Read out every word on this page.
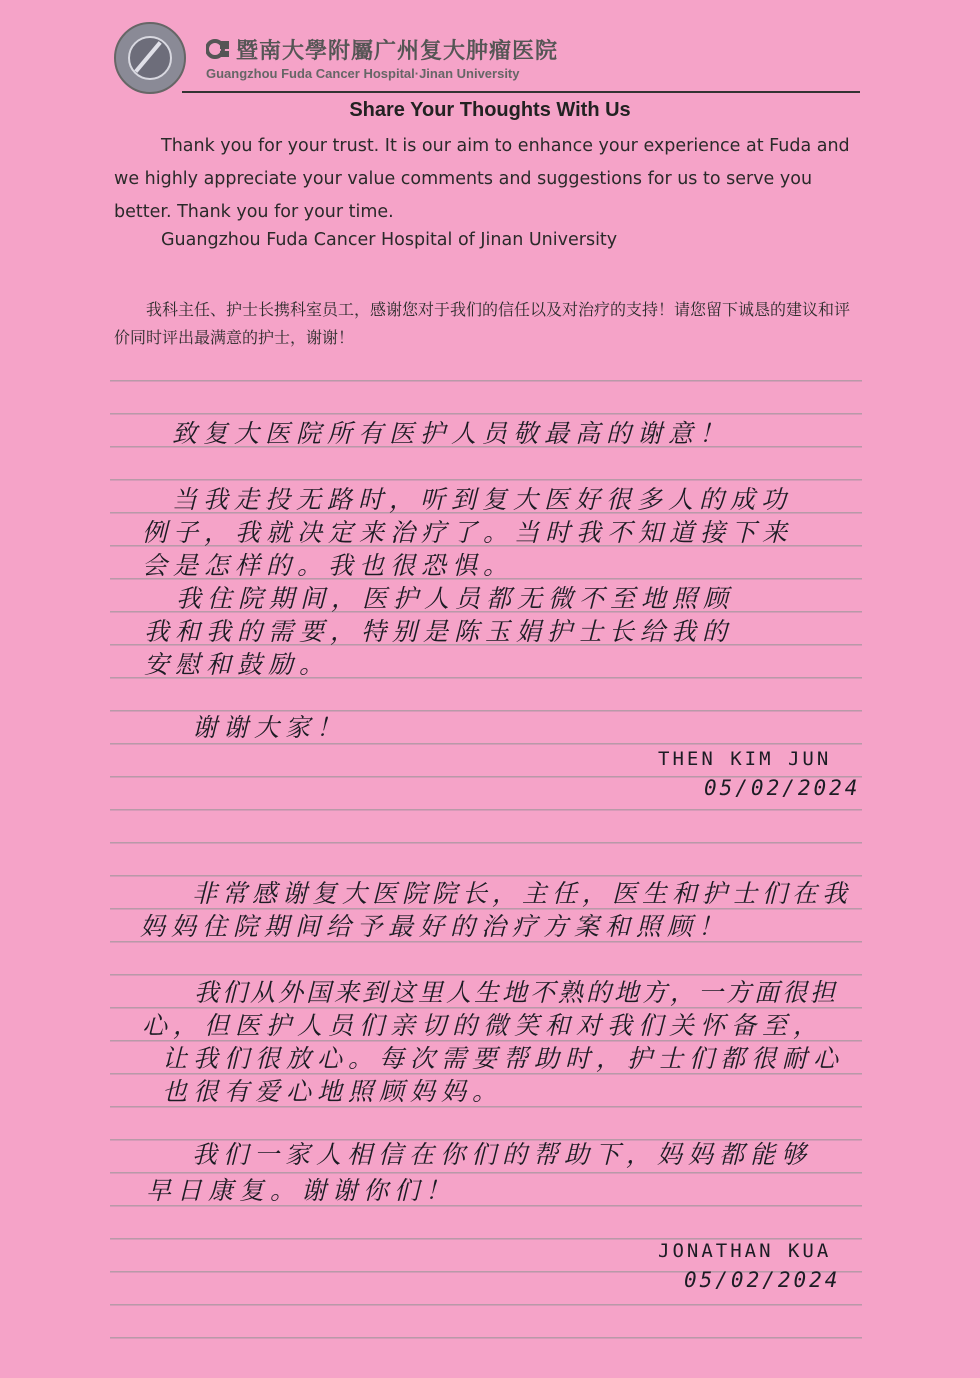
暨南大學附屬广州复大肿瘤医院
Guangzhou Fuda Cancer Hospital·Jinan University
Share Your Thoughts With Us

Thank you for your trust. It is our aim to enhance your experience at Fuda and we highly appreciate your value comments and suggestions for us to serve you better. Thank you for your time.

Guangzhou Fuda Cancer Hospital of Jinan University

我科主任、护士长携科室员工，感谢您对于我们的信任以及对治疗的支持！请您留下诚恳的建议和评价同时评出最满意的护士，谢谢！

致复大医院所有医护人员敬最高的谢意！
当我走投无路时，听到复大医好很多人的成功
例子，我就决定来治疗了。当时我不知道接下来
会是怎样的。我也很恐惧。
我住院期间，医护人员都无微不至地照顾
我和我的需要，特别是陈玉娟护士长给我的
安慰和鼓励。
谢谢大家！
THEN KIM JUN
05/02/2024
非常感谢复大医院院长，主任，医生和护士们在我
妈妈住院期间给予最好的治疗方案和照顾！
我们从外国来到这里人生地不熟的地方，一方面很担
心，但医护人员们亲切的微笑和对我们关怀备至，
让我们很放心。每次需要帮助时，护士们都很耐心
也很有爱心地照顾妈妈。
我们一家人相信在你们的帮助下，妈妈都能够
早日康复。谢谢你们！
JONATHAN KUA
05/02/2024
